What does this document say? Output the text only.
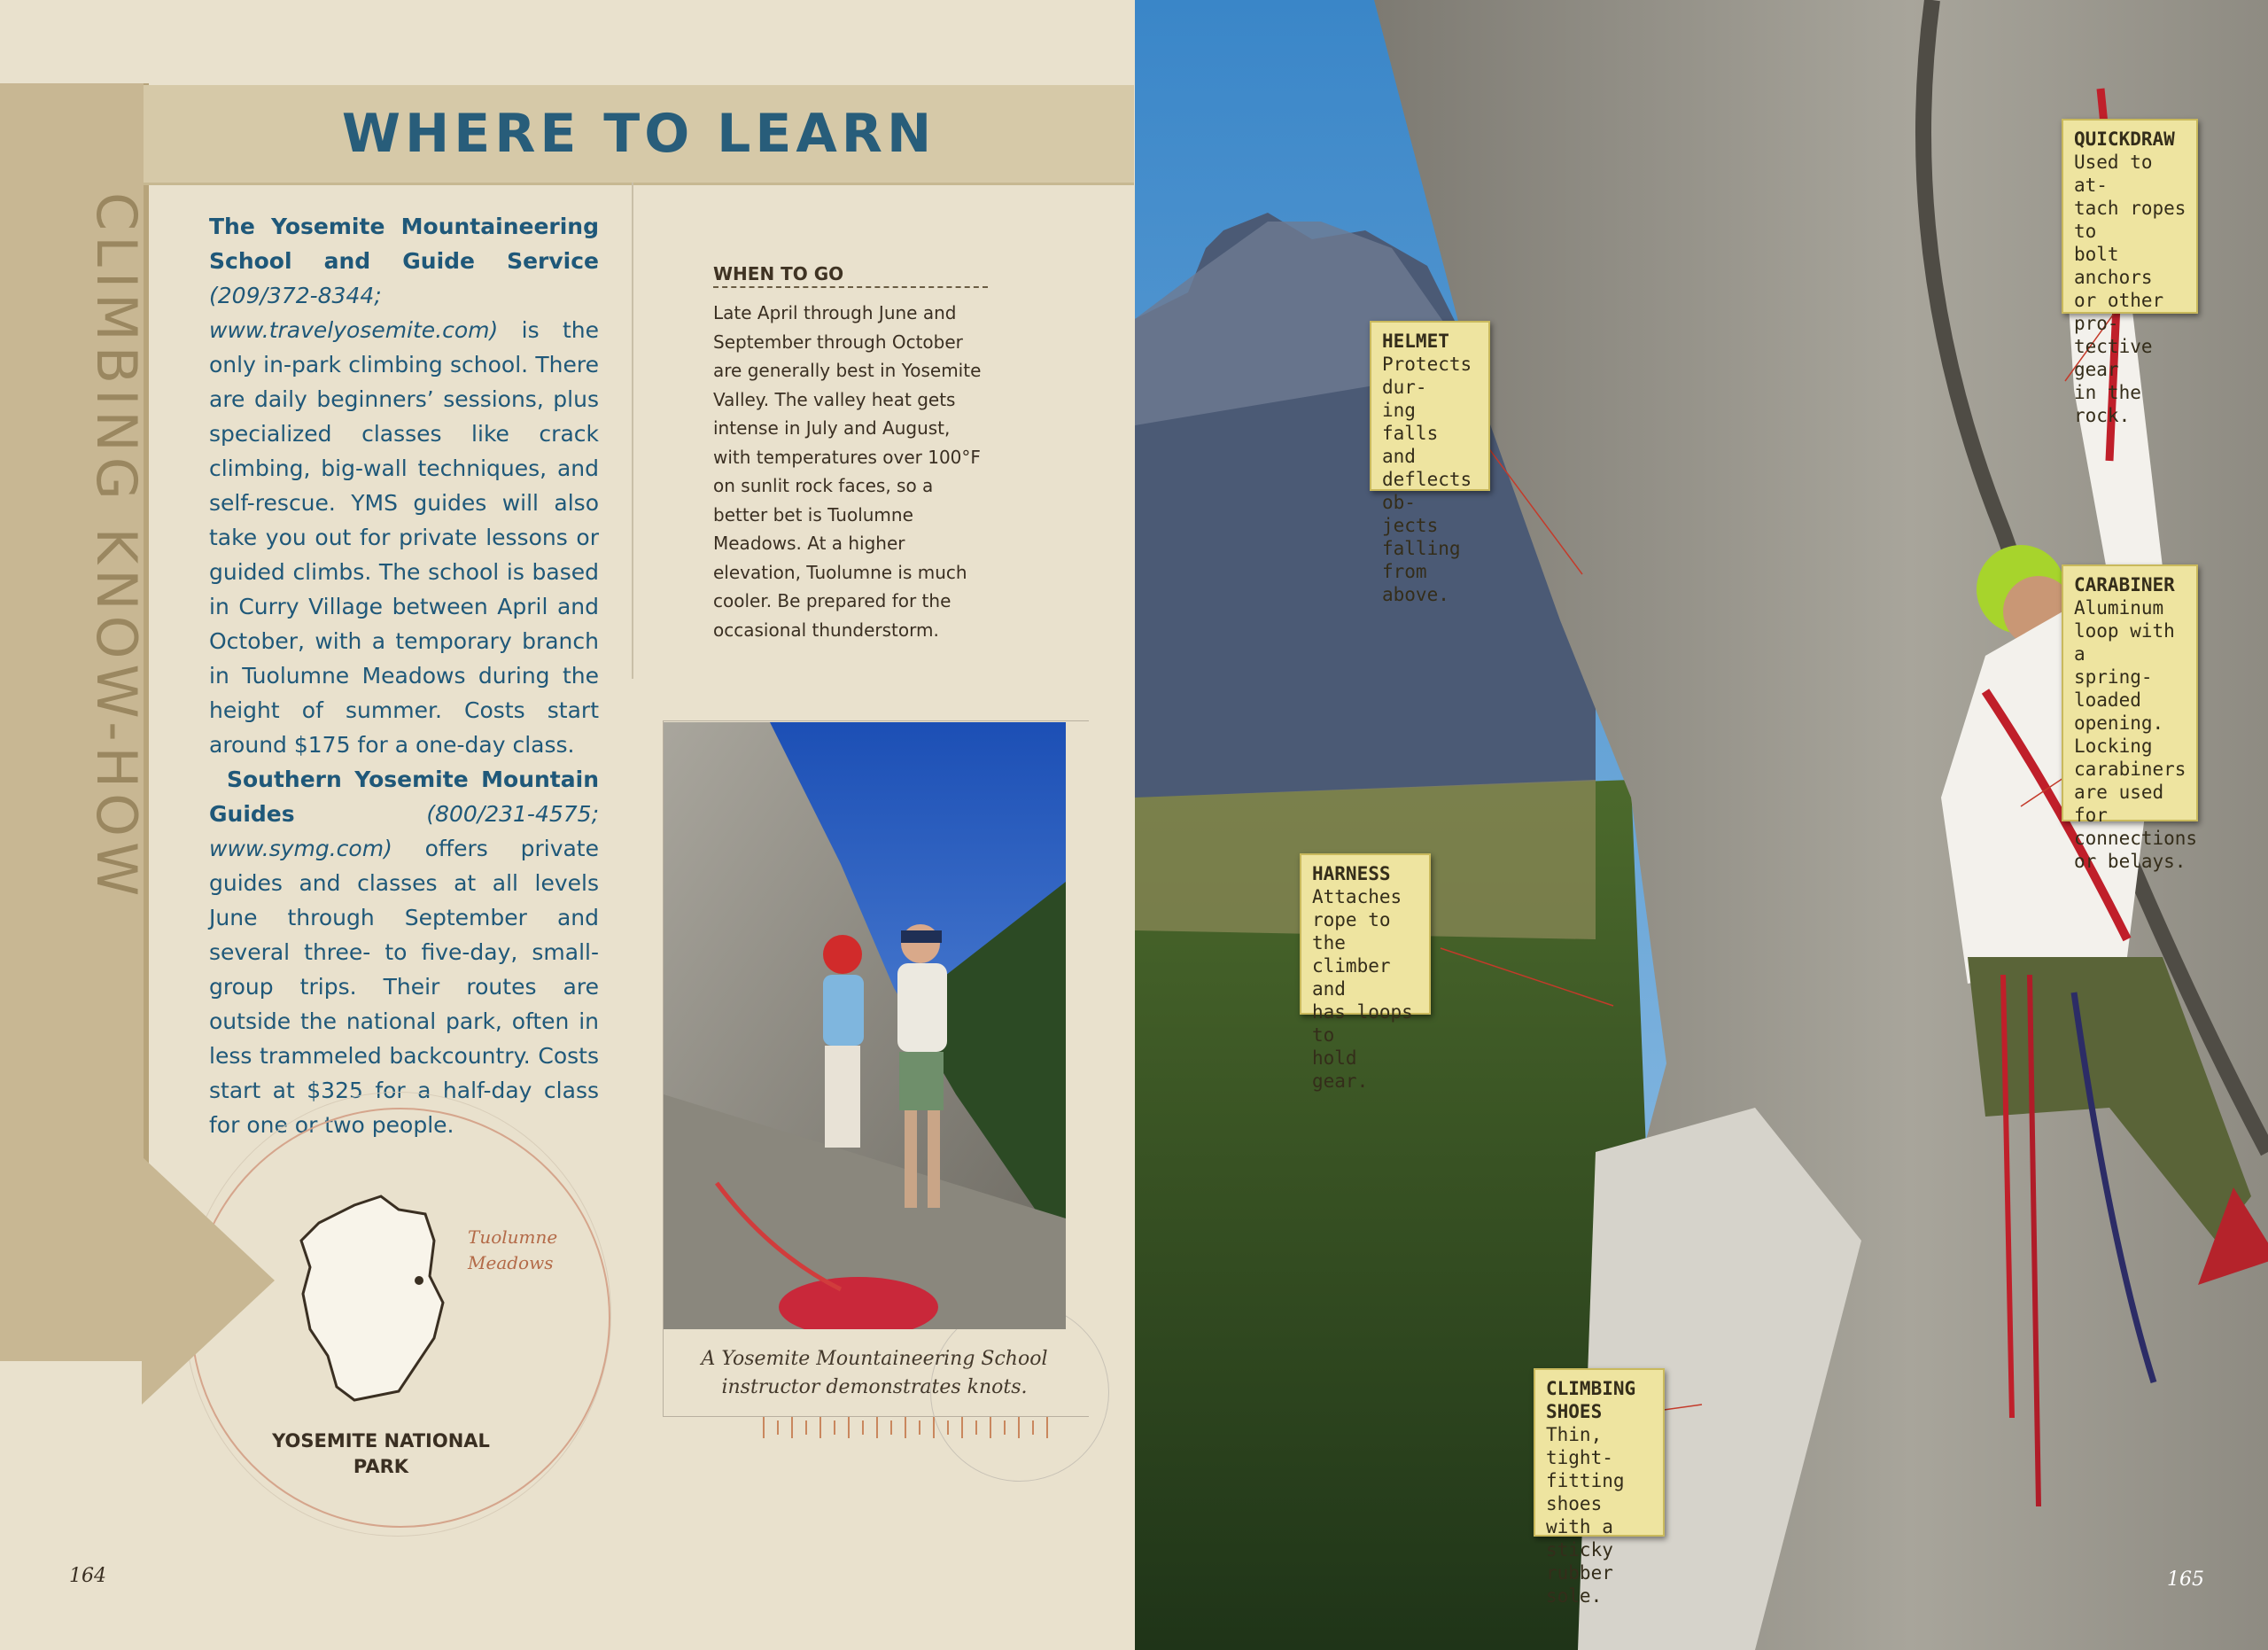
CLIMBING KNOW-HOW
WHERE TO LEARN

The Yosemite Mountaineering School and Guide Service (209/372-8344; www.travelyosemite.com) is the only in-park climbing school. There are daily beginners’ sessions, plus specialized classes like crack climbing, big-wall techniques, and self-rescue. YMS guides will also take you out for private lessons or guided climbs. The school is based in Curry Village between April and October, with a temporary branch in Tuolumne Meadows during the height of summer. Costs start around $175 for a one-day class.

Southern Yosemite Mountain Guides	(800/231-4575; www.symg.com) offers private guides and classes at all levels June through September and several three- to five-day, small-group trips. Their routes are outside the national park, often in less trammeled backcountry. Costs start at $325 for a half-day class for one or two people.

WHEN TO GO
Late April through June and September through October are generally best in Yosemite Valley. The valley heat gets intense in July and August, with temperatures over 100°F on sunlit rock faces, so a better bet is Tuolumne Meadows. At a higher elevation, Tuolumne is much cooler. Be prepared for the occasional thunderstorm.
A Yosemite Mountaineering School instructor demonstrates knots.
Tuolumne Meadows
YOSEMITE NATIONAL PARK
164
QUICKDRAW
Used to at-
tach ropes to
bolt anchors
or other pro-
tective gear
in the rock.
HELMET
Protects dur-
ing falls and
deflects ob-
jects falling
from above.	CARABINER
Aluminum
loop with a
spring-loaded
opening.
Locking
carabiners
are used for
connections
or belays.
HARNESS
Attaches
rope to the
climber and
has loops to
hold gear.
CLIMBING
SHOES
Thin, tight-
fitting shoes
with a sticky
rubber sole.
165
